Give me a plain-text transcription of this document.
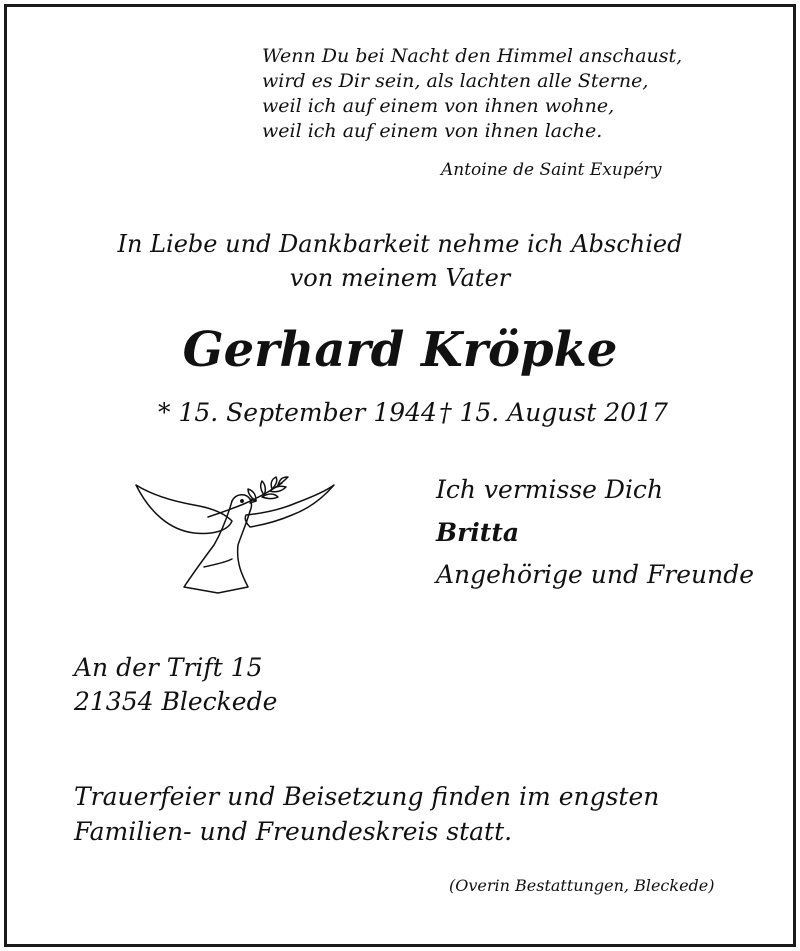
Wenn Du bei Nacht den Himmel anschaust,
wird es Dir sein, als lachten alle Sterne,
weil ich auf einem von ihnen wohne,
weil ich auf einem von ihnen lache.
Antoine de Saint Exupéry
In Liebe und Dankbarkeit nehme ich Abschied
von meinem Vater
Gerhard Kröpke
* 15. September 1944 † 15. August 2017
Ich vermisse Dich
Britta
Angehörige und Freunde
An der Trift 15
21354 Bleckede
Trauerfeier und Beisetzung finden im engsten
Familien- und Freundeskreis statt.
(Overin Bestattungen, Bleckede)
